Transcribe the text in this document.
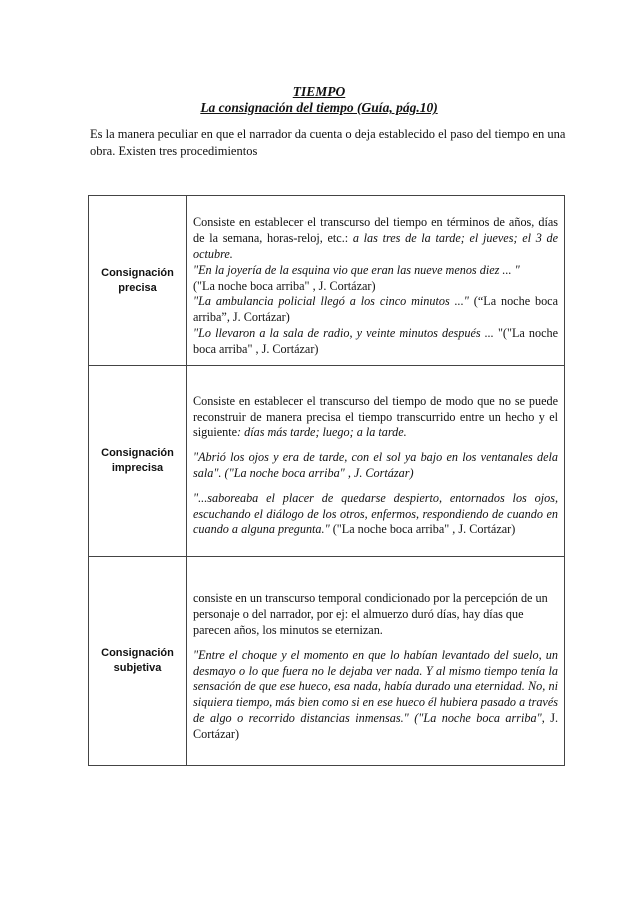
TIEMPO
La consignación del tiempo (Guía, pág.10)
Es la manera peculiar en que el narrador da cuenta o deja establecido el paso del tiempo en una obra. Existen tres procedimientos
Consignación precisa	Consiste en establecer el transcurso del tiempo en términos de años, días de la semana, horas-reloj, etc.: a las tres de la tarde; el jueves; el 3 de octubre.
"En la joyería de la esquina vio que eran las nueve menos diez ... "
("La noche boca arriba" , J. Cortázar)
"La ambulancia policial llegó a los cinco minutos ..." (“La noche boca arriba”, J. Cortázar)
"Lo llevaron a la sala de radio, y veinte minutos después ... "("La noche boca arriba" , J. Cortázar)
Consignación imprecisa	Consiste en establecer el transcurso del tiempo de modo que no se puede reconstruir de manera precisa el tiempo transcurrido entre un hecho y el siguiente: días más tarde; luego; a la tarde.

"Abrió los ojos y era de tarde, con el sol ya bajo en los ventanales dela sala". ("La noche boca arriba" , J. Cortázar)

"...saboreaba el placer de quedarse despierto, entornados los ojos, escuchando el diálogo de los otros, enfermos, respondiendo de cuando en cuando a alguna pregunta." ("La noche boca arriba" , J. Cortázar)

Consignación subjetiva	consiste en un transcurso temporal condicionado por la percepción de un personaje o del narrador, por ej: el almuerzo duró días, hay días que parecen años, los minutos se eternizan.

"Entre el choque y el momento en que lo habían levantado del suelo, un desmayo o lo que fuera no le dejaba ver nada. Y al mismo tiempo tenía la sensación de que ese hueco, esa nada, había durado una eternidad. No, ni siquiera tiempo, más bien como si en ese hueco él hubiera pasado a través de algo o recorrido distancias inmensas." ("La noche boca arriba", J. Cortázar)
